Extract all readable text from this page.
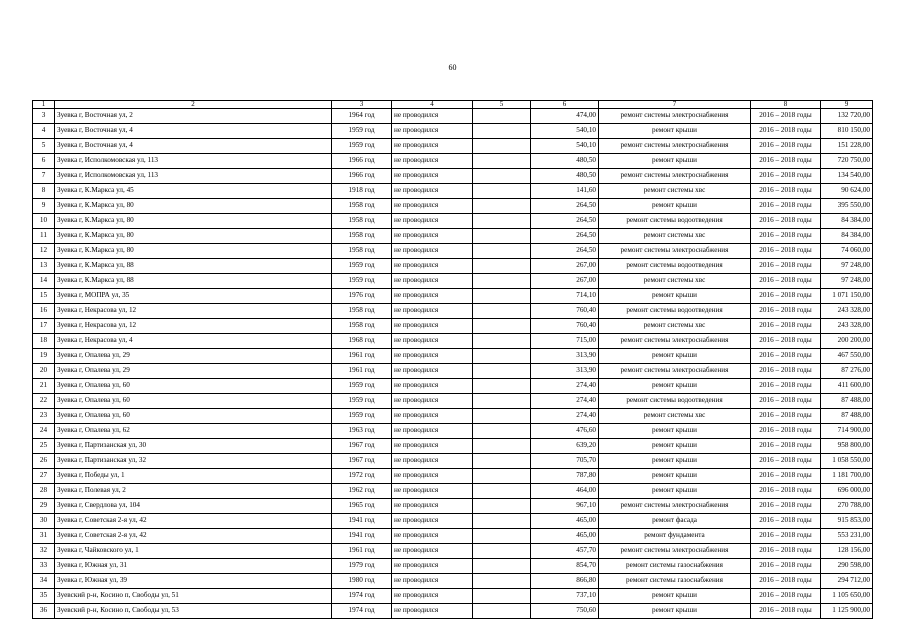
60
1	2	3	4	5	6	7	8	9
3	Зуевка г, Восточная ул, 2	1964 год	не проводился		474,00	ремонт системы электроснабжения	2016 – 2018 годы	132 720,00
4	Зуевка г, Восточная ул, 4	1959 год	не проводился		540,10	ремонт крыши	2016 – 2018 годы	810 150,00
5	Зуевка г, Восточная ул, 4	1959 год	не проводился		540,10	ремонт системы электроснабжения	2016 – 2018 годы	151 228,00
6	Зуевка г, Исполкомовская ул, 113	1966 год	не проводился		480,50	ремонт крыши	2016 – 2018 годы	720 750,00
7	Зуевка г, Исполкомовская ул, 113	1966 год	не проводился		480,50	ремонт системы электроснабжения	2016 – 2018 годы	134 540,00
8	Зуевка г, К.Маркса ул, 45	1918 год	не проводился		141,60	ремонт системы хвс	2016 – 2018 годы	90 624,00
9	Зуевка г, К.Маркса ул, 80	1958 год	не проводился		264,50	ремонт крыши	2016 – 2018 годы	395 550,00
10	Зуевка г, К.Маркса ул, 80	1958 год	не проводился		264,50	ремонт системы водоотведения	2016 – 2018 годы	84 384,00
11	Зуевка г, К.Маркса ул, 80	1958 год	не проводился		264,50	ремонт системы хвс	2016 – 2018 годы	84 384,00
12	Зуевка г, К.Маркса ул, 80	1958 год	не проводился		264,50	ремонт системы электроснабжения	2016 – 2018 годы	74 060,00
13	Зуевка г, К.Маркса ул, 88	1959 год	не проводился		267,00	ремонт системы водоотведения	2016 – 2018 годы	97 248,00
14	Зуевка г, К.Маркса ул, 88	1959 год	не проводился		267,00	ремонт системы хвс	2016 – 2018 годы	97 248,00
15	Зуевка г, МОПРА ул, 35	1976 год	не проводился		714,10	ремонт крыши	2016 – 2018 годы	1 071 150,00
16	Зуевка г, Некрасова ул, 12	1958 год	не проводился		760,40	ремонт системы водоотведения	2016 – 2018 годы	243 328,00
17	Зуевка г, Некрасова ул, 12	1958 год	не проводился		760,40	ремонт системы хвс	2016 – 2018 годы	243 328,00
18	Зуевка г, Некрасова ул, 4	1968 год	не проводился		715,00	ремонт системы электроснабжения	2016 – 2018 годы	200 200,00
19	Зуевка г, Опалева ул, 29	1961 год	не проводился		313,90	ремонт крыши	2016 – 2018 годы	467 550,00
20	Зуевка г, Опалева ул, 29	1961 год	не проводился		313,90	ремонт системы электроснабжения	2016 – 2018 годы	87 276,00
21	Зуевка г, Опалева ул, 60	1959 год	не проводился		274,40	ремонт крыши	2016 – 2018 годы	411 600,00
22	Зуевка г, Опалева ул, 60	1959 год	не проводился		274,40	ремонт системы водоотведения	2016 – 2018 годы	87 488,00
23	Зуевка г, Опалева ул, 60	1959 год	не проводился		274,40	ремонт системы хвс	2016 – 2018 годы	87 488,00
24	Зуевка г, Опалева ул, 62	1963 год	не проводился		476,60	ремонт крыши	2016 – 2018 годы	714 900,00
25	Зуевка г, Партизанская ул, 30	1967 год	не проводился		639,20	ремонт крыши	2016 – 2018 годы	958 800,00
26	Зуевка г, Партизанская ул, 32	1967 год	не проводился		705,70	ремонт крыши	2016 – 2018 годы	1 058 550,00
27	Зуевка г, Победы ул, 1	1972 год	не проводился		787,80	ремонт крыши	2016 – 2018 годы	1 181 700,00
28	Зуевка г, Полевая ул, 2	1962 год	не проводился		464,00	ремонт крыши	2016 – 2018 годы	696 000,00
29	Зуевка г, Свердлова ул, 104	1965 год	не проводился		967,10	ремонт системы электроснабжения	2016 – 2018 годы	270 788,00
30	Зуевка г, Советская 2-я ул, 42	1941 год	не проводился		465,00	ремонт фасада	2016 – 2018 годы	915 853,00
31	Зуевка г, Советская 2-я ул, 42	1941 год	не проводился		465,00	ремонт фундамента	2016 – 2018 годы	553 231,00
32	Зуевка г, Чайковского ул, 1	1961 год	не проводился		457,70	ремонт системы электроснабжения	2016 – 2018 годы	128 156,00
33	Зуевка г, Южная ул, 31	1979 год	не проводился		854,70	ремонт системы газоснабжения	2016 – 2018 годы	290 598,00
34	Зуевка г, Южная ул, 39	1980 год	не проводился		866,80	ремонт системы газоснабжения	2016 – 2018 годы	294 712,00
35	Зуевский р-н, Косино п, Свободы ул, 51	1974 год	не проводился		737,10	ремонт крыши	2016 – 2018 годы	1 105 650,00
36	Зуевский р-н, Косино п, Свободы ул, 53	1974 год	не проводился		750,60	ремонт крыши	2016 – 2018 годы	1 125 900,00
